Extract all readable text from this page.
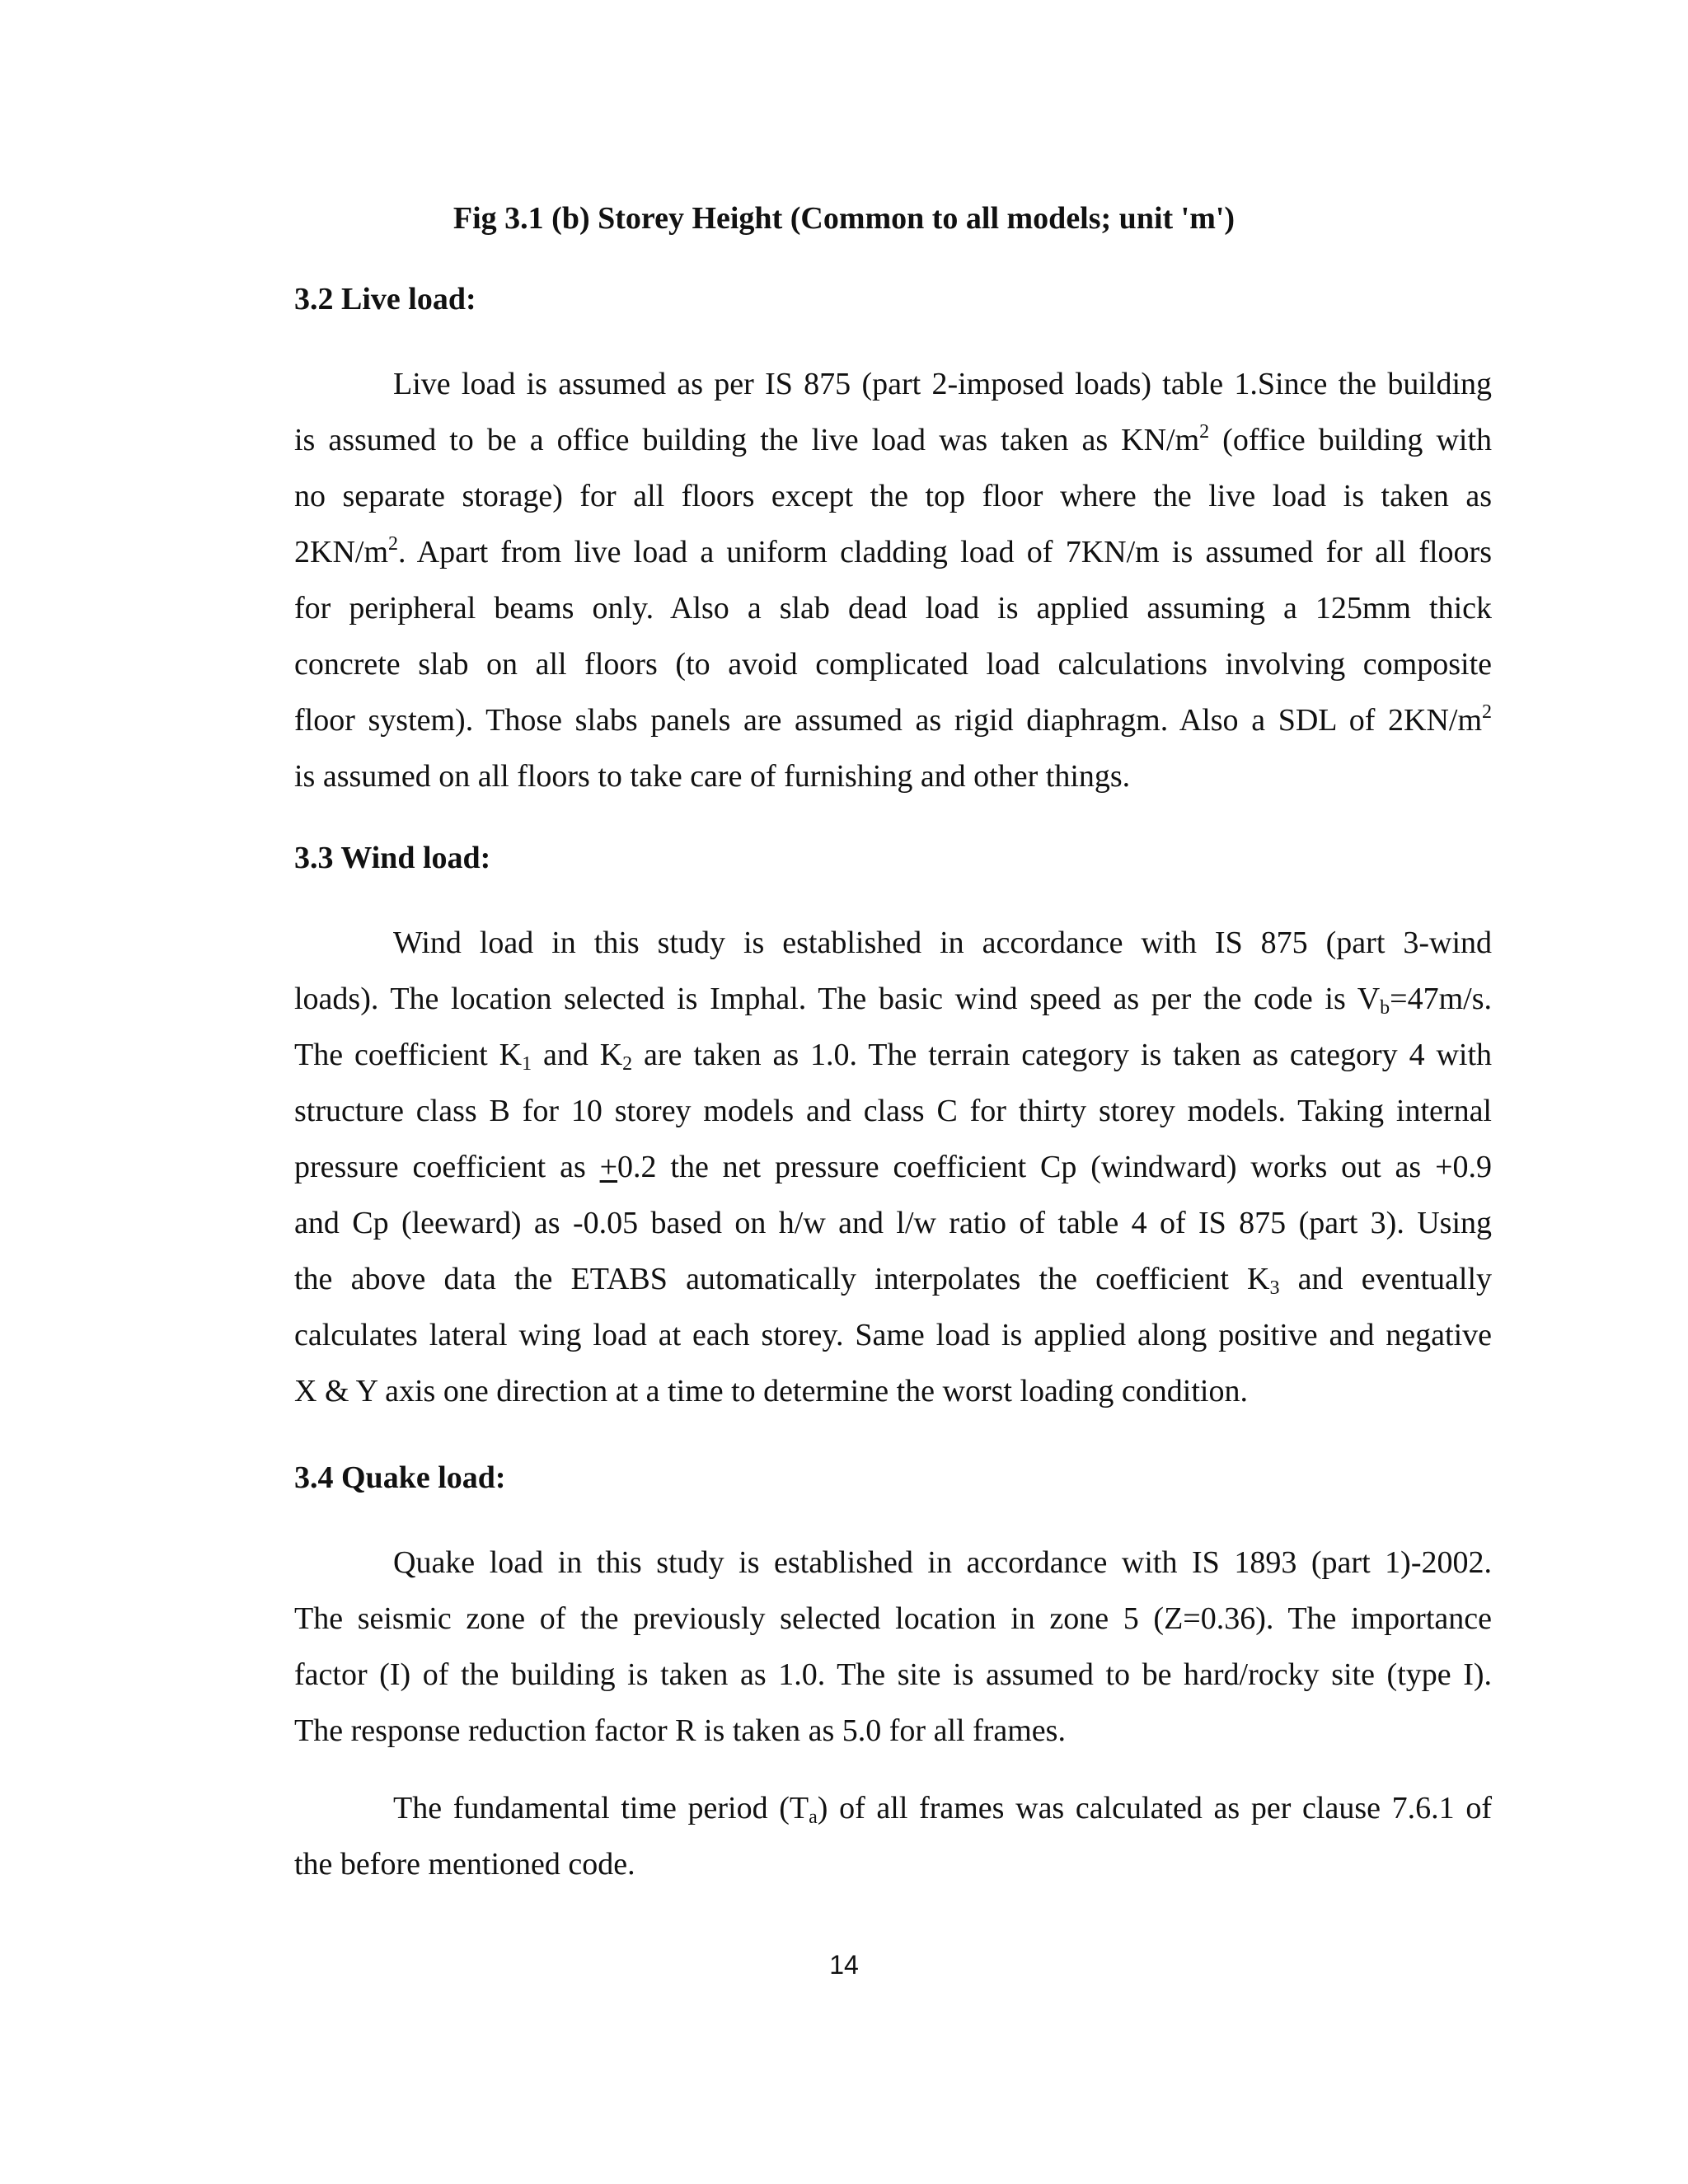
Fig 3.1 (b) Storey Height (Common to all models; unit 'm')
3.2 Live load:
Live load is assumed as per IS 875 (part 2-imposed loads) table 1.Since the building
is assumed to be a office building the live load was taken as $KN/m^2$ (office building with
no separate storage) for all floors except the top floor where the live load is taken as
$2KN/m^2$. Apart from live load a uniform cladding load of 7KN/m is assumed for all floors
for peripheral beams only. Also a slab dead load is applied assuming a 125mm thick
concrete slab on all floors (to avoid complicated load calculations involving composite
floor system). Those slabs panels are assumed as rigid diaphragm. Also a SDL of $2KN/m^2$
is assumed on all floors to take care of furnishing and other things.
3.3 Wind load:
Wind load in this study is established in accordance with IS 875 (part 3-wind
loads). The location selected is Imphal. The basic wind speed as per the code is $V_b=47m/s$.
The coefficient $K_1$ and $K_2$ are taken as 1.0. The terrain category is taken as category 4 with
structure class B for 10 storey models and class C for thirty storey models. Taking internal
pressure coefficient as +0.2 the net pressure coefficient Cp (windward) works out as +0.9
and Cp (leeward) as -0.05 based on h/w and l/w ratio of table 4 of IS 875 (part 3). Using
the above data the ETABS automatically interpolates the coefficient $K_3$ and eventually
calculates lateral wing load at each storey. Same load is applied along positive and negative
X & Y axis one direction at a time to determine the worst loading condition.
3.4 Quake load:
Quake load in this study is established in accordance with IS 1893 (part 1)-2002.
The seismic zone of the previously selected location in zone 5 (Z=0.36). The importance
factor (I) of the building is taken as 1.0. The site is assumed to be hard/rocky site (type I).
The response reduction factor R is taken as 5.0 for all frames.
The fundamental time period $(T_a)$ of all frames was calculated as per clause 7.6.1 of
the before mentioned code.
14
